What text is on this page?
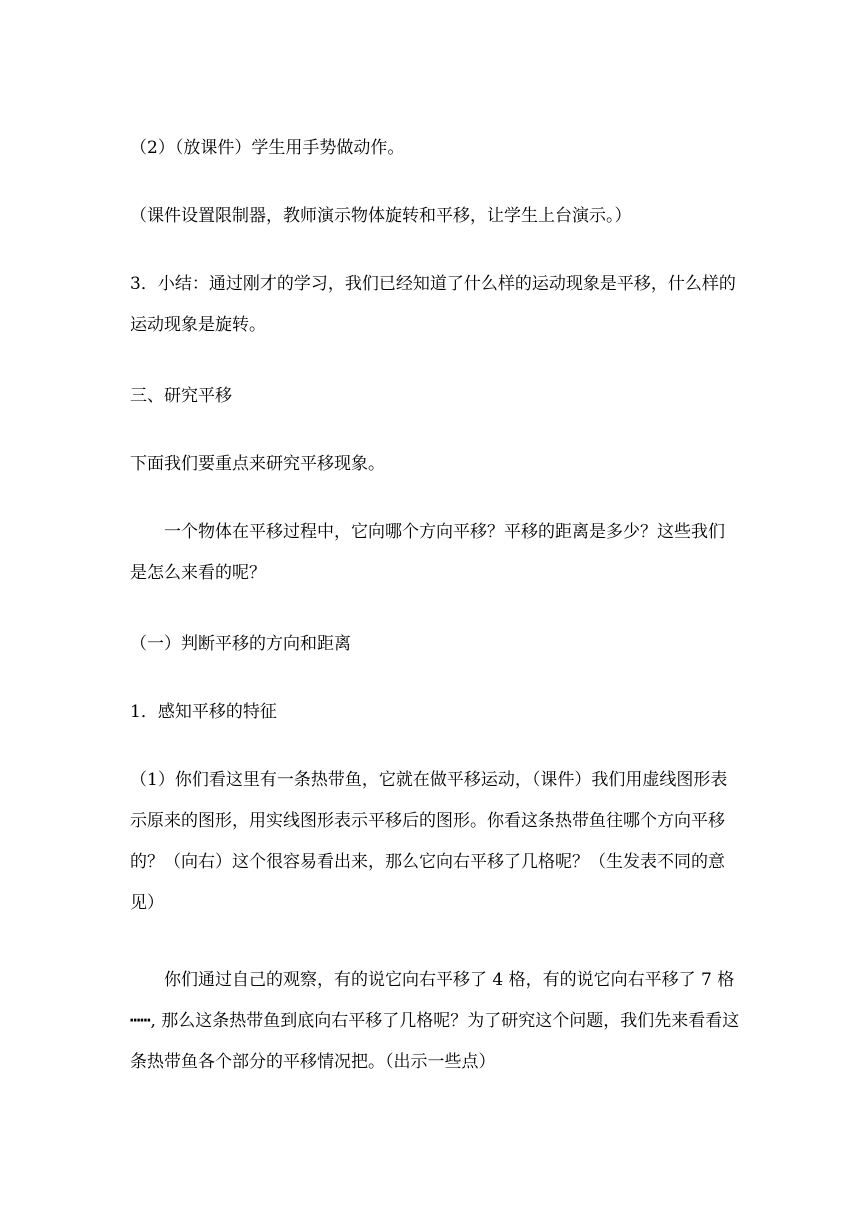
（2）（放课件）学生用手势做动作。

（课件设置限制器，教师演示物体旋转和平移，让学生上台演示。）

3．小结：通过刚才的学习，我们已经知道了什么样的运动现象是平移，什么样的运动现象是旋转。

三、研究平移

下面我们要重点来研究平移现象。

一个物体在平移过程中，它向哪个方向平移？平移的距离是多少？这些我们是怎么来看的呢？

（一）判断平移的方向和距离

1．感知平移的特征

（1）你们看这里有一条热带鱼，它就在做平移运动，（课件）我们用虚线图形表示原来的图形，用实线图形表示平移后的图形。你看这条热带鱼往哪个方向平移的？（向右）这个很容易看出来，那么它向右平移了几格呢？（生发表不同的意见）

你们通过自己的观察，有的说它向右平移了 4 格，有的说它向右平移了 7 格┅┅, 那么这条热带鱼到底向右平移了几格呢？为了研究这个问题，我们先来看看这条热带鱼各个部分的平移情况把。（出示一些点）
